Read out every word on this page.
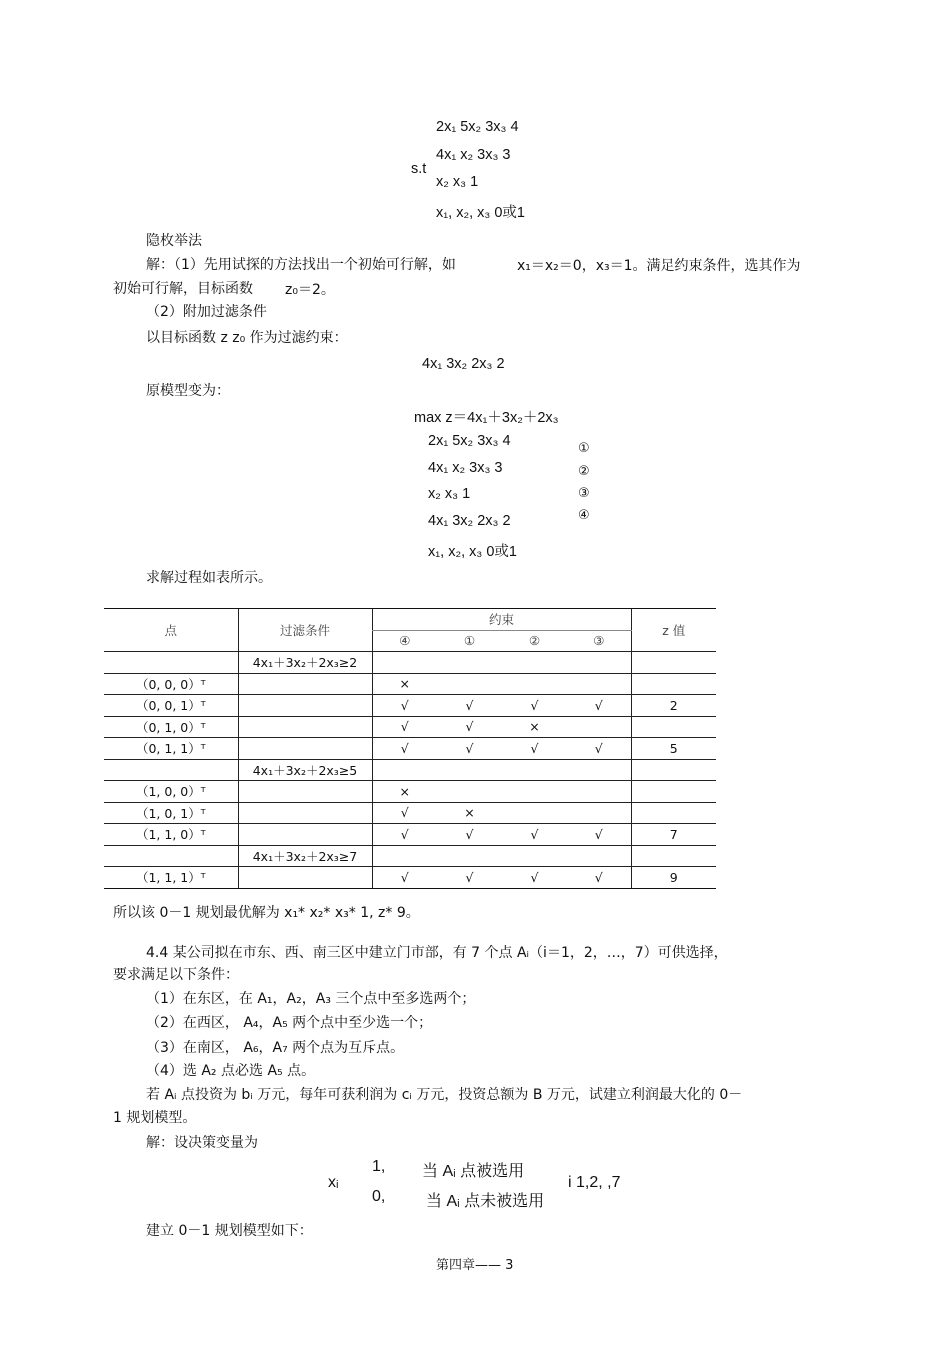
2x₁ 5x₂ 3x₃ 4
4x₁ x₂ 3x₃ 3
s.t
x₂ x₃ 1
x₁, x₂, x₃ 0或1
隐枚举法
解：（1）先用试探的方法找出一个初始可行解，如	x₁＝x₂＝0，x₃＝1。满足约束条件，选其作为
初始可行解，目标函数 z₀＝2。
（2）附加过滤条件
以目标函数 z z₀ 作为过滤约束：
4x₁ 3x₂ 2x₃ 2
原模型变为：
max z＝4x₁＋3x₂＋2x₃
2x₁ 5x₂ 3x₃ 4
4x₁ x₂ 3x₃ 3
x₂ x₃ 1
4x₁ 3x₂ 2x₃ 2
x₁, x₂, x₃ 0或1
①
②
③
④
求解过程如表所示。
点	过滤条件	约束				z 值
		④	①	②	③	
	4x₁＋3x₂＋2x₃≥2					
（0, 0, 0）ᵀ		×				
（0, 0, 1）ᵀ		√	√	√	√	2
（0, 1, 0）ᵀ		√	√	×		
（0, 1, 1）ᵀ		√	√	√	√	5
	4x₁＋3x₂＋2x₃≥5					
（1, 0, 0）ᵀ		×				
（1, 0, 1）ᵀ		√	×			
（1, 1, 0）ᵀ		√	√	√	√	7
	4x₁＋3x₂＋2x₃≥7					
（1, 1, 1）ᵀ		√	√	√	√	9
所以该 0－1 规划最优解为 x₁* x₂* x₃* 1, z* 9。
4.4 某公司拟在市东、西、南三区中建立门市部，有 7 个点 Aᵢ（i＝1，2，…，7）可供选择，
要求满足以下条件：
（1）在东区，在 A₁，A₂，A₃ 三个点中至多选两个；
（2）在西区， A₄，A₅ 两个点中至少选一个；
（3）在南区， A₆，A₇ 两个点为互斥点。
（4）选 A₂ 点必选 A₅ 点。
若 Aᵢ 点投资为 bᵢ 万元，每年可获利润为 cᵢ 万元，投资总额为 B 万元，试建立利润最大化的 0－
1 规划模型。
解：设决策变量为
xᵢ
1, 当 Aᵢ 点被选用
0,	当 Aᵢ 点未被选用
i 1,2, ,7
建立 0－1 规划模型如下：
第四章—— 3
